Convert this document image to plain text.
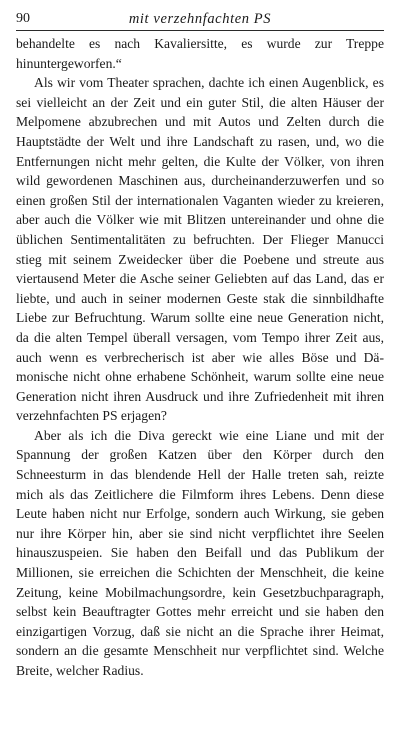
90	mit verzehnfachten PS

behandelte es nach Kavaliersitte, es wurde zur Treppe hinuntergeworfen.“

Als wir vom Theater sprachen, dachte ich einen Augenblick, es sei vielleicht an der Zeit und ein guter Stil, die alten Häuser der Melpomene abzubrechen und mit Autos und Zelten durch die Hauptstädte der Welt und ihre Landschaft zu rasen, und, wo die Entfernungen nicht mehr gelten, die Kulte der Völker, von ihren wild gewordenen Maschinen aus, durcheinanderzuwerfen und so einen großen Stil der internationalen Vaganten wieder zu kreieren, aber auch die Völker wie mit Blitzen untereinander und ohne die üblichen Sentimentalitäten zu befruchten. Der Flieger Manucci stieg mit seinem Zweidecker über die Poebene und streute aus viertausend Meter die Asche seiner Geliebten auf das Land, das er liebte, und auch in seiner modernen Geste stak die sinnbildhafte Liebe zur Befruchtung. Warum sollte eine neue Generation nicht, da die alten Tempel überall versagen, vom Tempo ihrer Zeit aus, auch wenn es verbrecherisch ist aber wie alles Böse und Dämonische nicht ohne erhabene Schönheit, warum sollte eine neue Generation nicht ihren Ausdruck und ihre Zufriedenheit mit ihren verzehnfachten PS erjagen?

Aber als ich die Diva gereckt wie eine Liane und mit der Spannung der großen Katzen über den Körper durch den Schneesturm in das blendende Hell der Halle treten sah, reizte mich als das Zeitlichere die Filmform ihres Lebens. Denn diese Leute haben nicht nur Erfolge, sondern auch Wirkung, sie geben nur ihre Körper hin, aber sie sind nicht verpflichtet ihre Seelen hinauszuspeien. Sie haben den Beifall und das Publikum der Millionen, sie erreichen die Schichten der Menschheit, die keine Zeitung, keine Mobilmachungsordre, kein Gesetzbuchparagraph, selbst kein Beauftragter Gottes mehr erreicht und sie haben den einzigartigen Vorzug, daß sie nicht an die Sprache ihrer Heimat, sondern an die gesamte Menschheit nur verpflichtet sind. Welche Breite, welcher Radius.
